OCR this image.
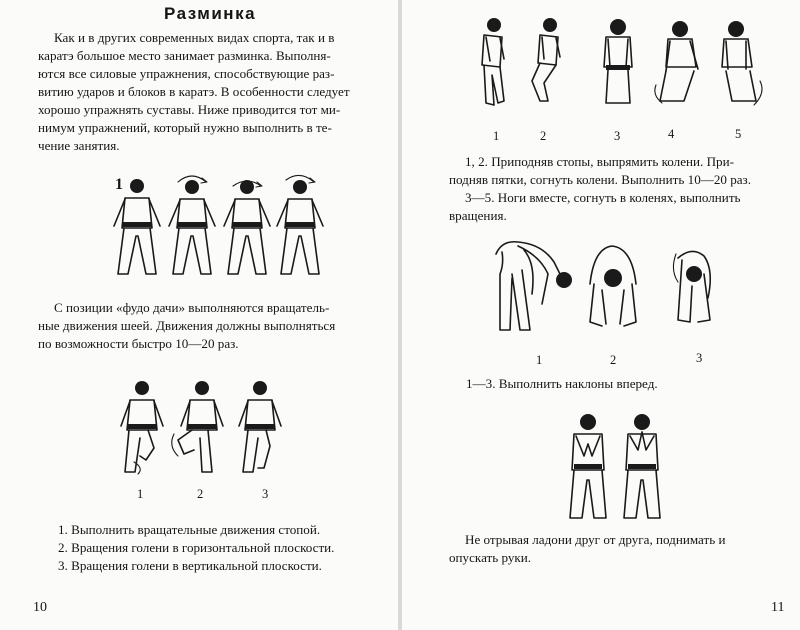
Разминка
Как и в других современных видах спорта, так и в
каратэ большое место занимает разминка. Выполня-
ются все силовые упражнения, способствующие раз-
витию ударов и блоков в каратэ. В особенности следует
хорошо упражнять суставы. Ниже приводится тот ми-
нимум упражнений, который нужно выполнить в те-
чение занятия.
1
С позиции «фудо дачи» выполняются вращатель-
ные движения шеей. Движения должны выполняться
по возможности быстро 10—20 раз.
1	2	3
1. Выполнить вращательные движения стопой.
2. Вращения голени в горизонтальной плоскости.
3. Вращения голени в вертикальной плоскости.
10
1	2	3	4	5
1, 2. Приподняв стопы, выпрямить колени. При-
подняв пятки, согнуть колени. Выполнить 10—20 раз.
3—5. Ноги вместе, согнуть в коленях, выполнить
вращения.
1	2	3
1—3. Выполнить наклоны вперед.
Не отрывая ладони друг от друга, поднимать и
опускать руки.
11
